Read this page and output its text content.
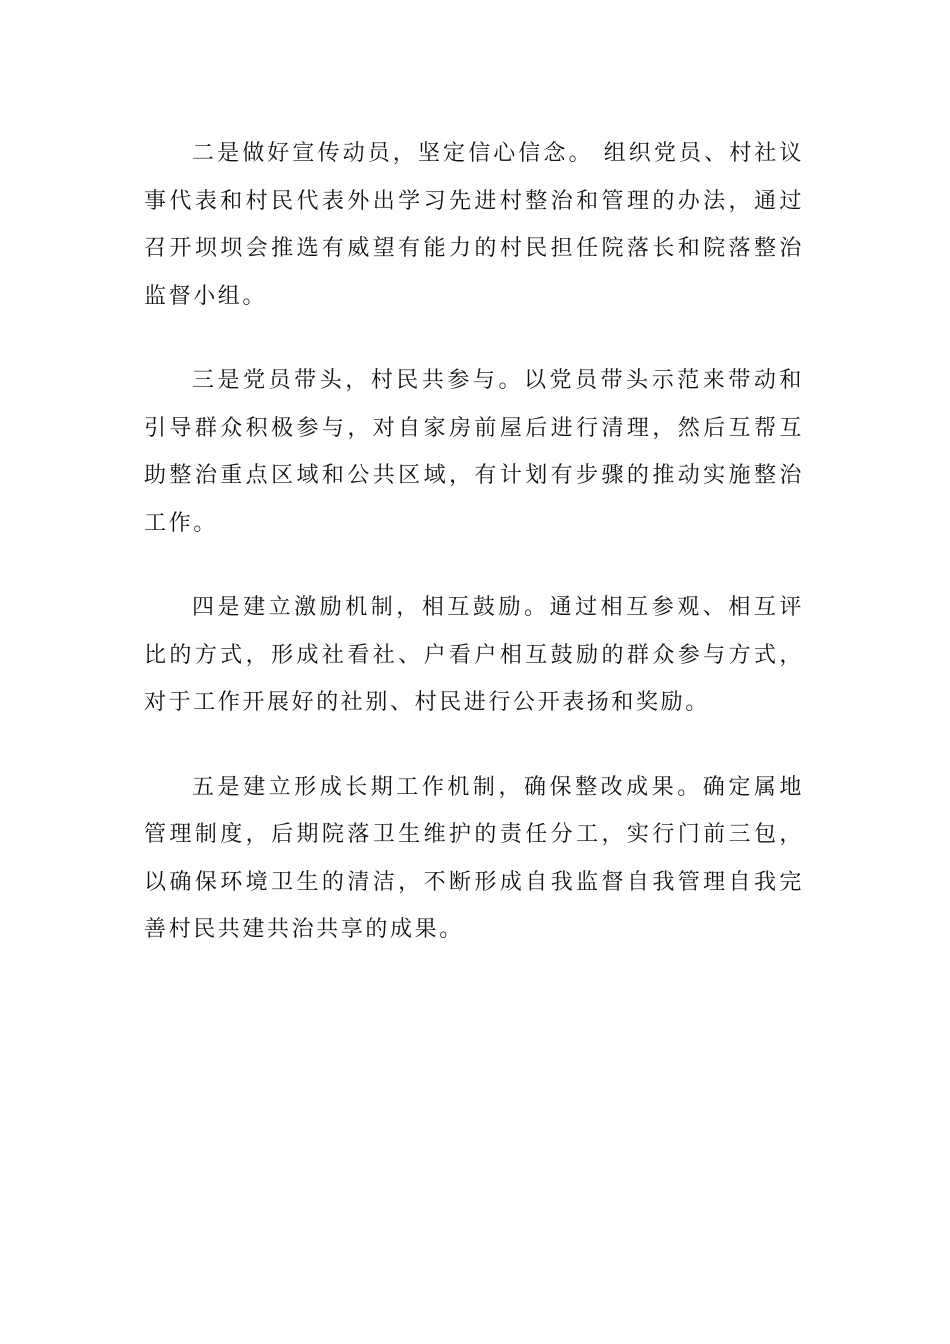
二是做好宣传动员，坚定信心信念。 组织党员、村社议事代表和村民代表外出学习先进村整治和管理的办法，通过召开坝坝会推选有威望有能力的村民担任院落长和院落整治监督小组。

三是党员带头，村民共参与。以党员带头示范来带动和引导群众积极参与，对自家房前屋后进行清理，然后互帮互助整治重点区域和公共区域，有计划有步骤的推动实施整治工作。

四是建立激励机制，相互鼓励。通过相互参观、相互评比的方式，形成社看社、户看户相互鼓励的群众参与方式，对于工作开展好的社别、村民进行公开表扬和奖励。

五是建立形成长期工作机制，确保整改成果。确定属地管理制度，后期院落卫生维护的责任分工，实行门前三包，以确保环境卫生的清洁，不断形成自我监督自我管理自我完善村民共建共治共享的成果。
